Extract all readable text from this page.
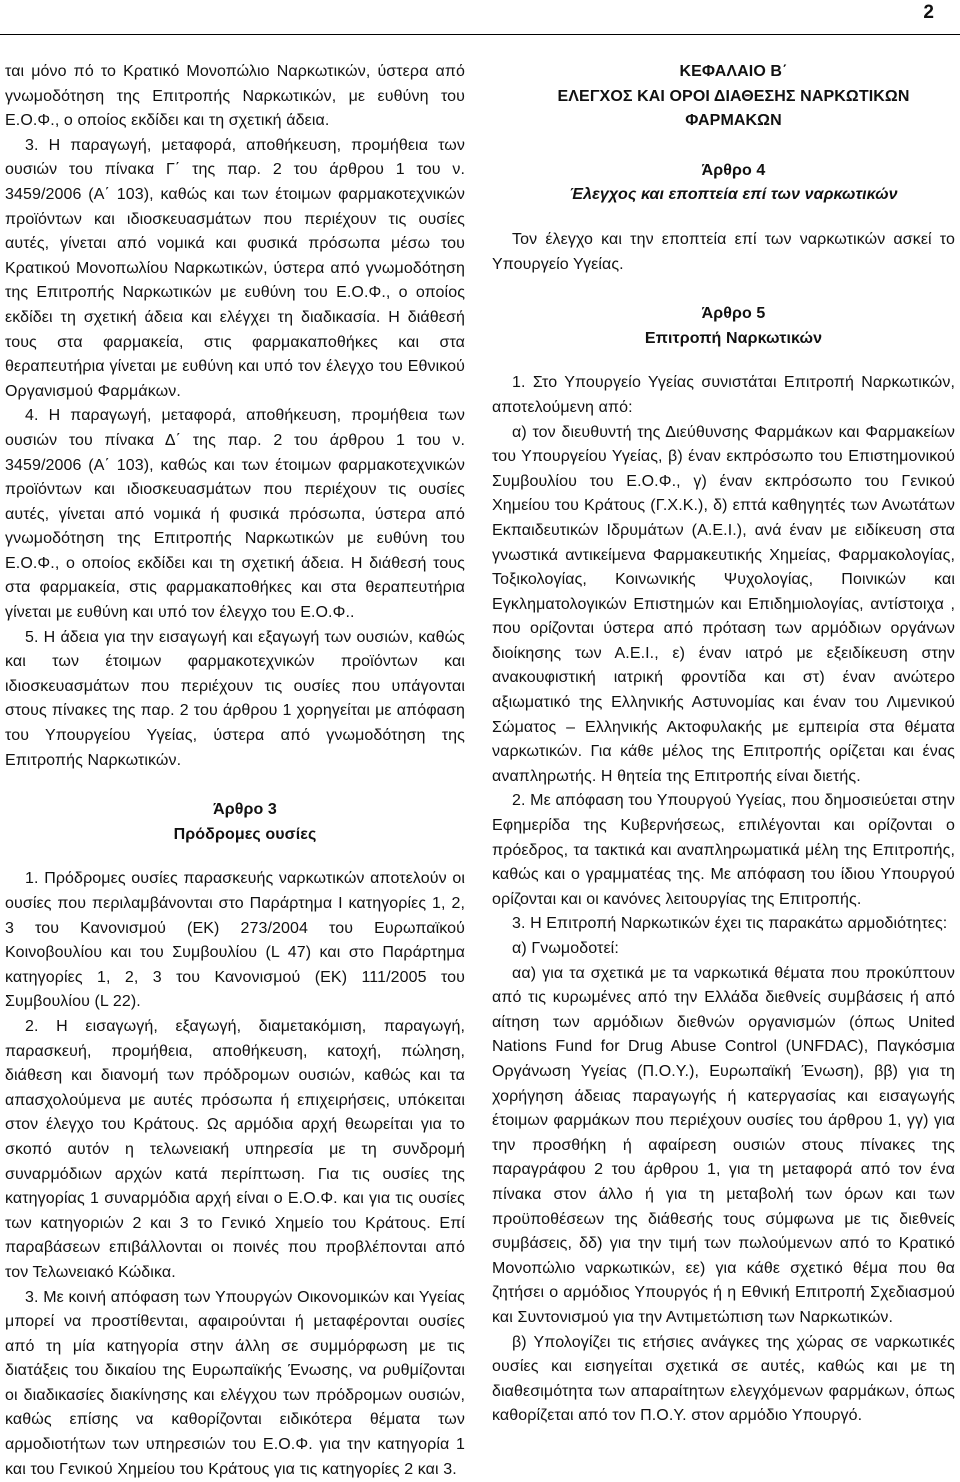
2

ται μόνο πό το Κρατικό Μονοπώλιο Ναρκωτικών, ύστερα από γνωμοδότηση της Επιτροπής Ναρκωτικών, με ευθύνη του Ε.Ο.Φ., ο οποίος εκδίδει και τη σχετική άδεια.

3. Η παραγωγή, μεταφορά, αποθήκευση, προμήθεια των ουσιών του πίνακα Γ΄ της παρ. 2 του άρθρου 1 του ν. 3459/2006 (Α΄ 103), καθώς και των έτοιμων φαρμακοτεχνικών προϊόντων και ιδιοσκευασμάτων που περιέχουν τις ουσίες αυτές, γίνεται από νομικά και φυσικά πρόσωπα μέσω του Κρατικού Μονοπωλίου Ναρκωτικών, ύστερα από γνωμοδότηση της Επιτροπής Ναρκωτικών με ευθύνη του Ε.Ο.Φ., ο οποίος εκδίδει τη σχετική άδεια και ελέγχει τη διαδικασία. Η διάθεσή τους στα φαρμακεία, στις φαρμακαποθήκες και στα θεραπευτήρια γίνεται με ευθύνη και υπό τον έλεγχο του Εθνικού Οργανισμού Φαρμάκων.

4. Η παραγωγή, μεταφορά, αποθήκευση, προμήθεια των ουσιών του πίνακα Δ΄ της παρ. 2 του άρθρου 1 του ν. 3459/2006 (Α΄ 103), καθώς και των έτοιμων φαρμακοτεχνικών προϊόντων και ιδιοσκευασμάτων που περιέχουν τις ουσίες αυτές, γίνεται από νομικά ή φυσικά πρόσωπα, ύστερα από γνωμοδότηση της Επιτροπής Ναρκωτικών με ευθύνη του Ε.Ο.Φ., ο οποίος εκδίδει και τη σχετική άδεια. Η διάθεσή τους στα φαρμακεία, στις φαρμακαποθήκες και στα θεραπευτήρια γίνεται με ευθύνη και υπό τον έλεγχο του Ε.Ο.Φ..

5. Η άδεια για την εισαγωγή και εξαγωγή των ουσιών, καθώς και των έτοιμων φαρμακοτεχνικών προϊόντων και ιδιοσκευασμάτων που περιέχουν τις ουσίες που υπάγονται στους πίνακες της παρ. 2 του άρθρου 1 χορηγείται με απόφαση του Υπουργείου Υγείας, ύστερα από γνωμοδότηση της Επιτροπής Ναρκωτικών.

Άρθρο 3

Πρόδρομες ουσίες

1. Πρόδρομες ουσίες παρασκευής ναρκωτικών αποτελούν οι ουσίες που περιλαμβάνονται στο Παράρτημα Ι κατηγορίες 1, 2, 3 του Κανονισμού (ΕΚ) 273/2004 του Ευρωπαϊκού Κοινοβουλίου και του Συμβουλίου (L 47) και στο Παράρτημα κατηγορίες 1, 2, 3 του Κανονισμού (ΕΚ) 111/2005 του Συμβουλίου (L 22).

2. Η εισαγωγή, εξαγωγή, διαμετακόμιση, παραγωγή, παρασκευή, προμήθεια, αποθήκευση, κατοχή, πώληση, διάθεση και διανομή των πρόδρομων ουσιών, καθώς και τα απασχολούμενα με αυτές πρόσωπα ή επιχειρήσεις, υπόκειται στον έλεγχο του Κράτους. Ως αρμόδια αρχή θεωρείται για το σκοπό αυτόν η τελωνειακή υπηρεσία με τη συνδρομή συναρμόδιων αρχών κατά περίπτωση. Για τις ουσίες της κατηγορίας 1 συναρμόδια αρχή είναι ο Ε.Ο.Φ. και για τις ουσίες των κατηγοριών 2 και 3 το Γενικό Χημείο του Κράτους. Επί παραβάσεων επιβάλλονται οι ποινές που προβλέπονται από τον Τελωνειακό Κώδικα.

3. Με κοινή απόφαση των Υπουργών Οικονομικών και Υγείας μπορεί να προστίθενται, αφαιρούνται ή μεταφέρονται ουσίες από τη μία κατηγορία στην άλλη σε συμμόρφωση με τις διατάξεις του δικαίου της Ευρωπαϊκής Ένωσης, να ρυθμίζονται οι διαδικασίες διακίνησης και ελέγχου των πρόδρομων ουσιών, καθώς επίσης να καθορίζονται ειδικότερα θέματα των αρμοδιοτήτων των υπηρεσιών του Ε.Ο.Φ. για την κατηγορία 1 και του Γενικού Χημείου του Κράτους για τις κατηγορίες 2 και 3.

ΚΕΦΑΛΑΙΟ Β΄

ΕΛΕΓΧΟΣ ΚΑΙ ΟΡΟΙ ΔΙΑΘΕΣΗΣ ΝΑΡΚΩΤΙΚΩΝ

ΦΑΡΜΑΚΩΝ

Άρθρο 4

Έλεγχος και εποπτεία επί των ναρκωτικών

Τον έλεγχο και την εποπτεία επί των ναρκωτικών ασκεί το Υπουργείο Υγείας.

Άρθρο 5

Επιτροπή Ναρκωτικών

1. Στο Υπουργείο Υγείας συνιστάται Επιτροπή Ναρκωτικών, αποτελούμενη από:

α) τον διευθυντή της Διεύθυνσης Φαρμάκων και Φαρμακείων του Υπουργείου Υγείας, β) έναν εκπρόσωπο του Επιστημονικού Συμβουλίου του Ε.Ο.Φ., γ) έναν εκπρόσωπο του Γενικού Χημείου του Κράτους (Γ.Χ.Κ.), δ) επτά καθηγητές των Ανωτάτων Εκπαιδευτικών Ιδρυμάτων (Α.Ε.Ι.), ανά έναν με ειδίκευση στα γνωστικά αντικείμενα Φαρμακευτικής Χημείας, Φαρμακολογίας, Τοξικολογίας, Κοινωνικής Ψυχολογίας, Ποινικών και Εγκληματολογικών Επιστημών και Επιδημιολογίας, αντίστοιχα , που ορίζονται ύστερα από πρόταση των αρμόδιων οργάνων διοίκησης των Α.Ε.Ι., ε) έναν ιατρό με εξειδίκευση στην ανακουφιστική ιατρική φροντίδα και στ) έναν ανώτερο αξιωματικό της Ελληνικής Αστυνομίας και έναν του Λιμενικού Σώματος – Ελληνικής Ακτοφυλακής με εμπειρία στα θέματα ναρκωτικών. Για κάθε μέλος της Επιτροπής ορίζεται και ένας αναπληρωτής. Η θητεία της Επιτροπής είναι διετής.

2. Με απόφαση του Υπουργού Υγείας, που δημοσιεύεται στην Εφημερίδα της Κυβερνήσεως, επιλέγονται και ορίζονται ο πρόεδρος, τα τακτικά και αναπληρωματικά μέλη της Επιτροπής, καθώς και ο γραμματέας της. Με απόφαση του ίδιου Υπουργού ορίζονται και οι κανόνες λειτουργίας της Επιτροπής.

3. Η Επιτροπή Ναρκωτικών έχει τις παρακάτω αρμοδιότητες:

α) Γνωμοδοτεί:

αα) για τα σχετικά με τα ναρκωτικά θέματα που προκύπτουν από τις κυρωμένες από την Ελλάδα διεθνείς συμβάσεις ή από αίτηση των αρμόδιων διεθνών οργανισμών (όπως United Nations Fund for Drug Abuse Control (UNFDAC), Παγκόσμια Οργάνωση Υγείας (Π.Ο.Υ.), Ευρωπαϊκή Ένωση), ββ) για τη χορήγηση άδειας παραγωγής ή κατεργασίας και εισαγωγής έτοιμων φαρμάκων που περιέχουν ουσίες του άρθρου 1, γγ) για την προσθήκη ή αφαίρεση ουσιών στους πίνακες της παραγράφου 2 του άρθρου 1, για τη μεταφορά από τον ένα πίνακα στον άλλο ή για τη μεταβολή των όρων και των προϋποθέσεων της διάθεσής τους σύμφωνα με τις διεθνείς συμβάσεις, δδ) για την τιμή των πωλούμενων από το Κρατικό Μονοπώλιο ναρκωτικών, εε) για κάθε σχετικό θέμα που θα ζητήσει ο αρμόδιος Υπουργός ή η Εθνική Επιτροπή Σχεδιασμού και Συντονισμού για την Αντιμετώπιση των Ναρκωτικών.

β) Υπολογίζει τις ετήσιες ανάγκες της χώρας σε ναρκωτικές ουσίες και εισηγείται σχετικά σε αυτές, καθώς και με τη διαθεσιμότητα των απαραίτητων ελεγχόμενων φαρμάκων, όπως καθορίζεται από τον Π.Ο.Υ. στον αρμόδιο Υπουργό.
